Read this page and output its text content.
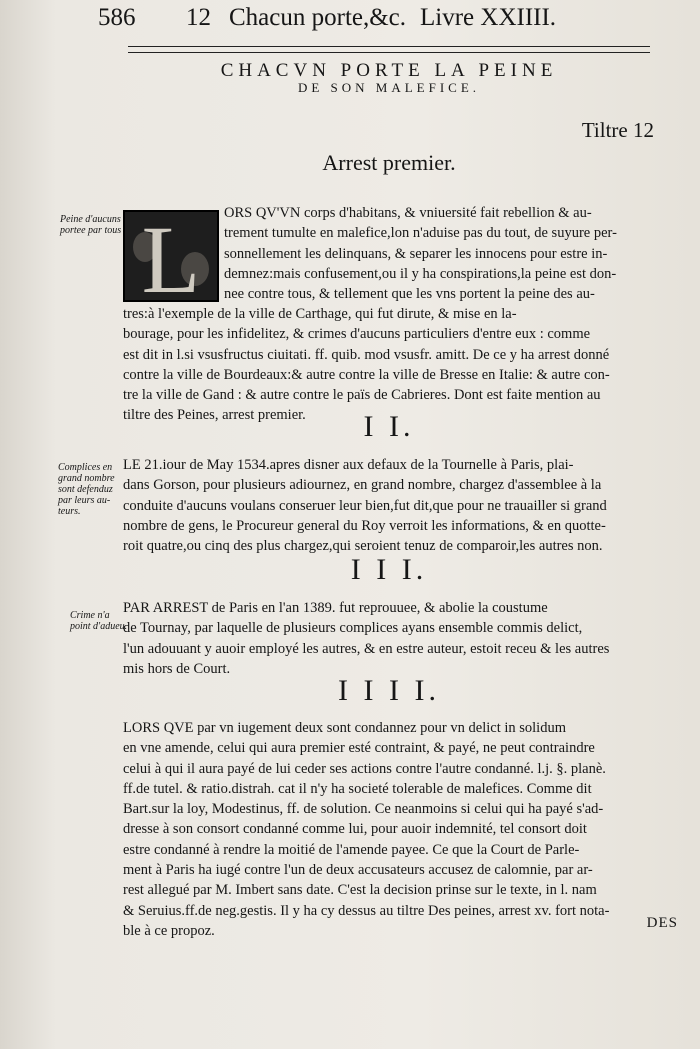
586 12 Chacun porte,&c. Livre XXIIII.
CHACVN PORTE LA PEINE
DE SON MALEFICE.
Tiltre 12
Arrest premier.
Peine d'aucuns
portee par tous
Complices en
grand nombre
sont defenduz
par leurs au-
teurs.
Crime n'a
point d'adueu.
L	ORS QV'VN corps d'habitans, & vniuersité fait rebellion & au-
trement tumulte en malefice,lon n'aduise pas du tout, de suyure per-
sonnellement les delinquans, & separer les innocens pour estre in-
demnez:mais confusement,ou il y ha conspirations,la peine est don-
nee contre tous, & tellement que les vns portent la peine des au-
tres:à l'exemple de la ville de Carthage, qui fut dirute, & mise en la-
bourage, pour les infidelitez, & crimes d'aucuns particuliers d'entre eux : comme
est dit in l.si vsusfructus ciuitati. ff. quib. mod vsusfr. amitt. De ce y ha arrest donné
contre la ville de Bourdeaux:& autre contre la ville de Bresse en Italie: & autre con-
tre la ville de Gand : & autre contre le païs de Cabrieres. Dont est faite mention au
tiltre des Peines, arrest premier.	I I.
LE 21.iour de May 1534.apres disner aux defaux de la Tournelle à Paris, plai-
dans Gorson, pour plusieurs adiournez, en grand nombre, chargez d'assemblee à la
conduite d'aucuns voulans conseruer leur bien,fut dit,que pour ne trauailler si grand
nombre de gens, le Procureur general du Roy verroit les informations, & en quotte-
roit quatre,ou cinq des plus chargez,qui seroient tenuz de comparoir,les autres non.
I I I.
PAR ARREST de Paris en l'an 1389. fut reprouuee, & abolie la coustume
de Tournay, par laquelle de plusieurs complices ayans ensemble commis delict,
l'un adouuant y auoir employé les autres, & en estre auteur, estoit receu & les autres
mis hors de Court.
I I I I.
LORS QVE par vn iugement deux sont condannez pour vn delict in solidum
en vne amende, celui qui aura premier esté contraint, & payé, ne peut contraindre
celui à qui il aura payé de lui ceder ses actions contre l'autre condanné. l.j. §. planè.
ff.de tutel. & ratio.distrah. cat il n'y ha societé tolerable de malefices. Comme dit
Bart.sur la loy, Modestinus, ff. de solution. Ce neanmoins si celui qui ha payé s'ad-
dresse à son consort condanné comme lui, pour auoir indemnité, tel consort doit
estre condanné à rendre la moitié de l'amende payee. Ce que la Court de Parle-
ment à Paris ha iugé contre l'un de deux accusateurs accusez de calomnie, par ar-
rest allegué par M. Imbert sans date. C'est la decision prinse sur le texte, in l. nam
& Seruius.ff.de neg.gestis. Il y ha cy dessus au tiltre Des peines, arrest xv. fort nota-
ble à ce propoz.	DES
